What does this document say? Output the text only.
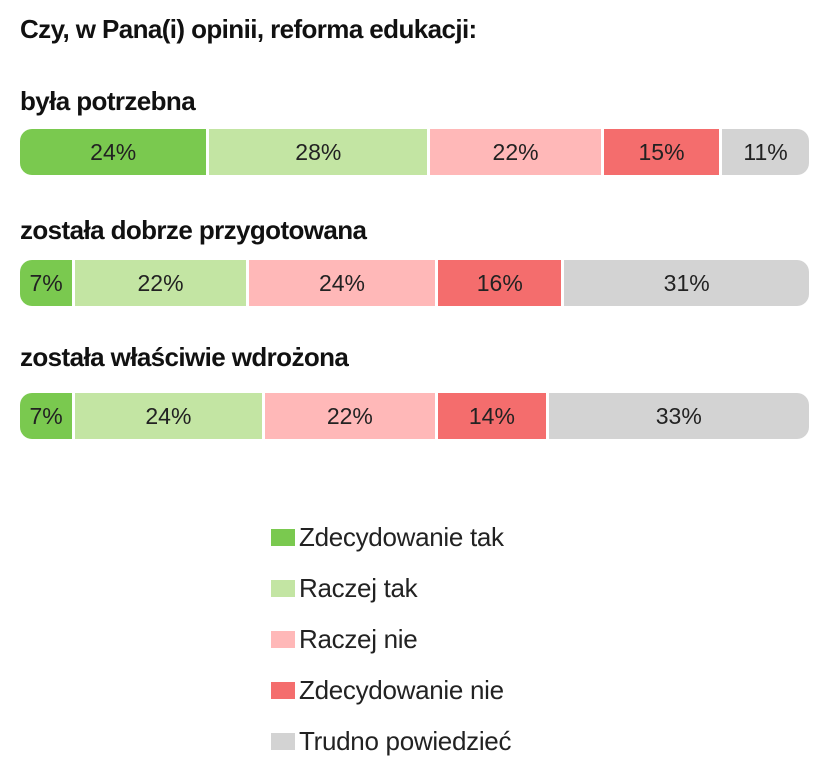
Czy, w Pana(i) opinii, reforma edukacji:
była potrzebna
24%	28%	22%	15%	11%
została dobrze przygotowana
7%	22%	24%	16%	31%
została właściwie wdrożona
7%	24%	22%	14%	33%
Zdecydowanie tak
Raczej tak
Raczej nie
Zdecydowanie nie
Trudno powiedzieć
